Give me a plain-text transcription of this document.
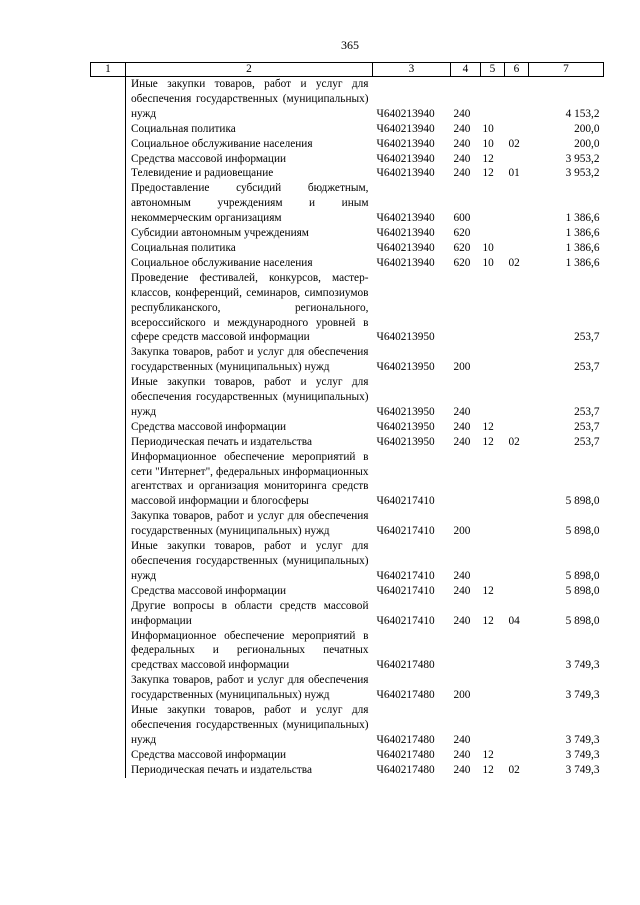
365
1	2	3	4	5	6	7
	Иные закупки товаров, работ и услуг для обеспечения государственных (муниципальных) нужд	Ч640213940	240			4 153,2
	Социальная политика	Ч640213940	240	10		200,0
	Социальное обслуживание населения	Ч640213940	240	10	02	200,0
	Средства массовой информации	Ч640213940	240	12		3 953,2
	Телевидение и радиовещание	Ч640213940	240	12	01	3 953,2
	Предоставление субсидий бюджетным, автономным учреждениям и иным некоммерческим организациям	Ч640213940	600			1 386,6
	Субсидии автономным учреждениям	Ч640213940	620			1 386,6
	Социальная политика	Ч640213940	620	10		1 386,6
	Социальное обслуживание населения	Ч640213940	620	10	02	1 386,6
	Проведение фестивалей, конкурсов, мастер-классов, конференций, семинаров, симпозиумов республиканского, регионального, всероссийского и международного уровней в сфере средств массовой информации	Ч640213950				253,7
	Закупка товаров, работ и услуг для обеспечения государственных (муниципальных) нужд	Ч640213950	200			253,7
	Иные закупки товаров, работ и услуг для обеспечения государственных (муниципальных) нужд	Ч640213950	240			253,7
	Средства массовой информации	Ч640213950	240	12		253,7
	Периодическая печать и издательства	Ч640213950	240	12	02	253,7
	Информационное обеспечение мероприятий в сети "Интернет", федеральных информационных агентствах и организация мониторинга средств массовой информации и блогосферы	Ч640217410				5 898,0
	Закупка товаров, работ и услуг для обеспечения государственных (муниципальных) нужд	Ч640217410	200			5 898,0
	Иные закупки товаров, работ и услуг для обеспечения государственных (муниципальных) нужд	Ч640217410	240			5 898,0
	Средства массовой информации	Ч640217410	240	12		5 898,0
	Другие вопросы в области средств массовой информации	Ч640217410	240	12	04	5 898,0
	Информационное обеспечение мероприятий в федеральных и региональных печатных средствах массовой информации	Ч640217480				3 749,3
	Закупка товаров, работ и услуг для обеспечения государственных (муниципальных) нужд	Ч640217480	200			3 749,3
	Иные закупки товаров, работ и услуг для обеспечения государственных (муниципальных) нужд	Ч640217480	240			3 749,3
	Средства массовой информации	Ч640217480	240	12		3 749,3
	Периодическая печать и издательства	Ч640217480	240	12	02	3 749,3
